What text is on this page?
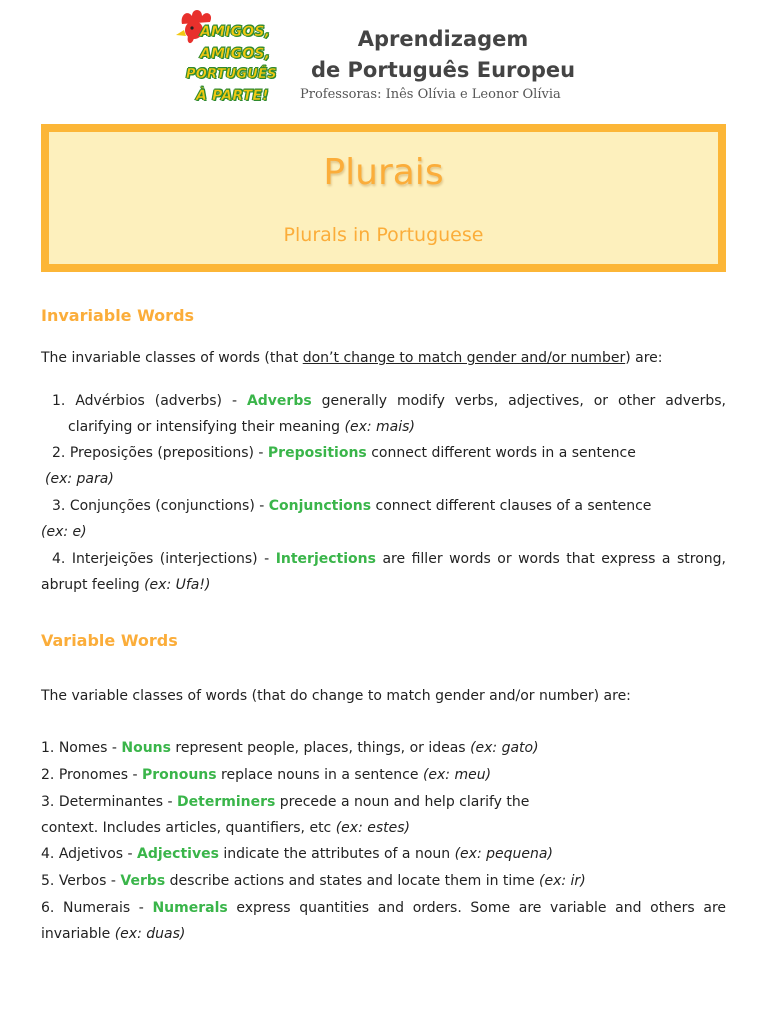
AMIGOS,
AMIGOS,
PORTUGUÊS
À PARTE!
Aprendizagem
de Português Europeu
Professoras: Inês Olívia e Leonor Olívia
Plurais
Plurals in Portuguese
Invariable Words
The invariable classes of words (that don’t change to match gender and/or number) are:
1. Advérbios (adverbs) - Adverbs generally modify verbs, adjectives, or other adverbs,
clarifying or intensifying their meaning (ex: mais)
2. Preposições (prepositions) - Prepositions connect different words in a sentence
(ex: para)
3. Conjunções (conjunctions) - Conjunctions connect different clauses of a sentence
(ex: e)
4. Interjeições (interjections) - Interjections are filler words or words that express a strong,
abrupt feeling (ex: Ufa!)
Variable Words
The variable classes of words (that do change to match gender and/or number) are:
1. Nomes - Nouns represent people, places, things, or ideas (ex: gato)
2. Pronomes - Pronouns replace nouns in a sentence (ex: meu)
3. Determinantes - Determiners precede a noun and help clarify the
context. Includes articles, quantifiers, etc (ex: estes)
4. Adjetivos - Adjectives indicate the attributes of a noun (ex: pequena)
5. Verbos - Verbs describe actions and states and locate them in time (ex: ir)
6. Numerais - Numerals express quantities and orders. Some are variable and others are
invariable (ex: duas)
